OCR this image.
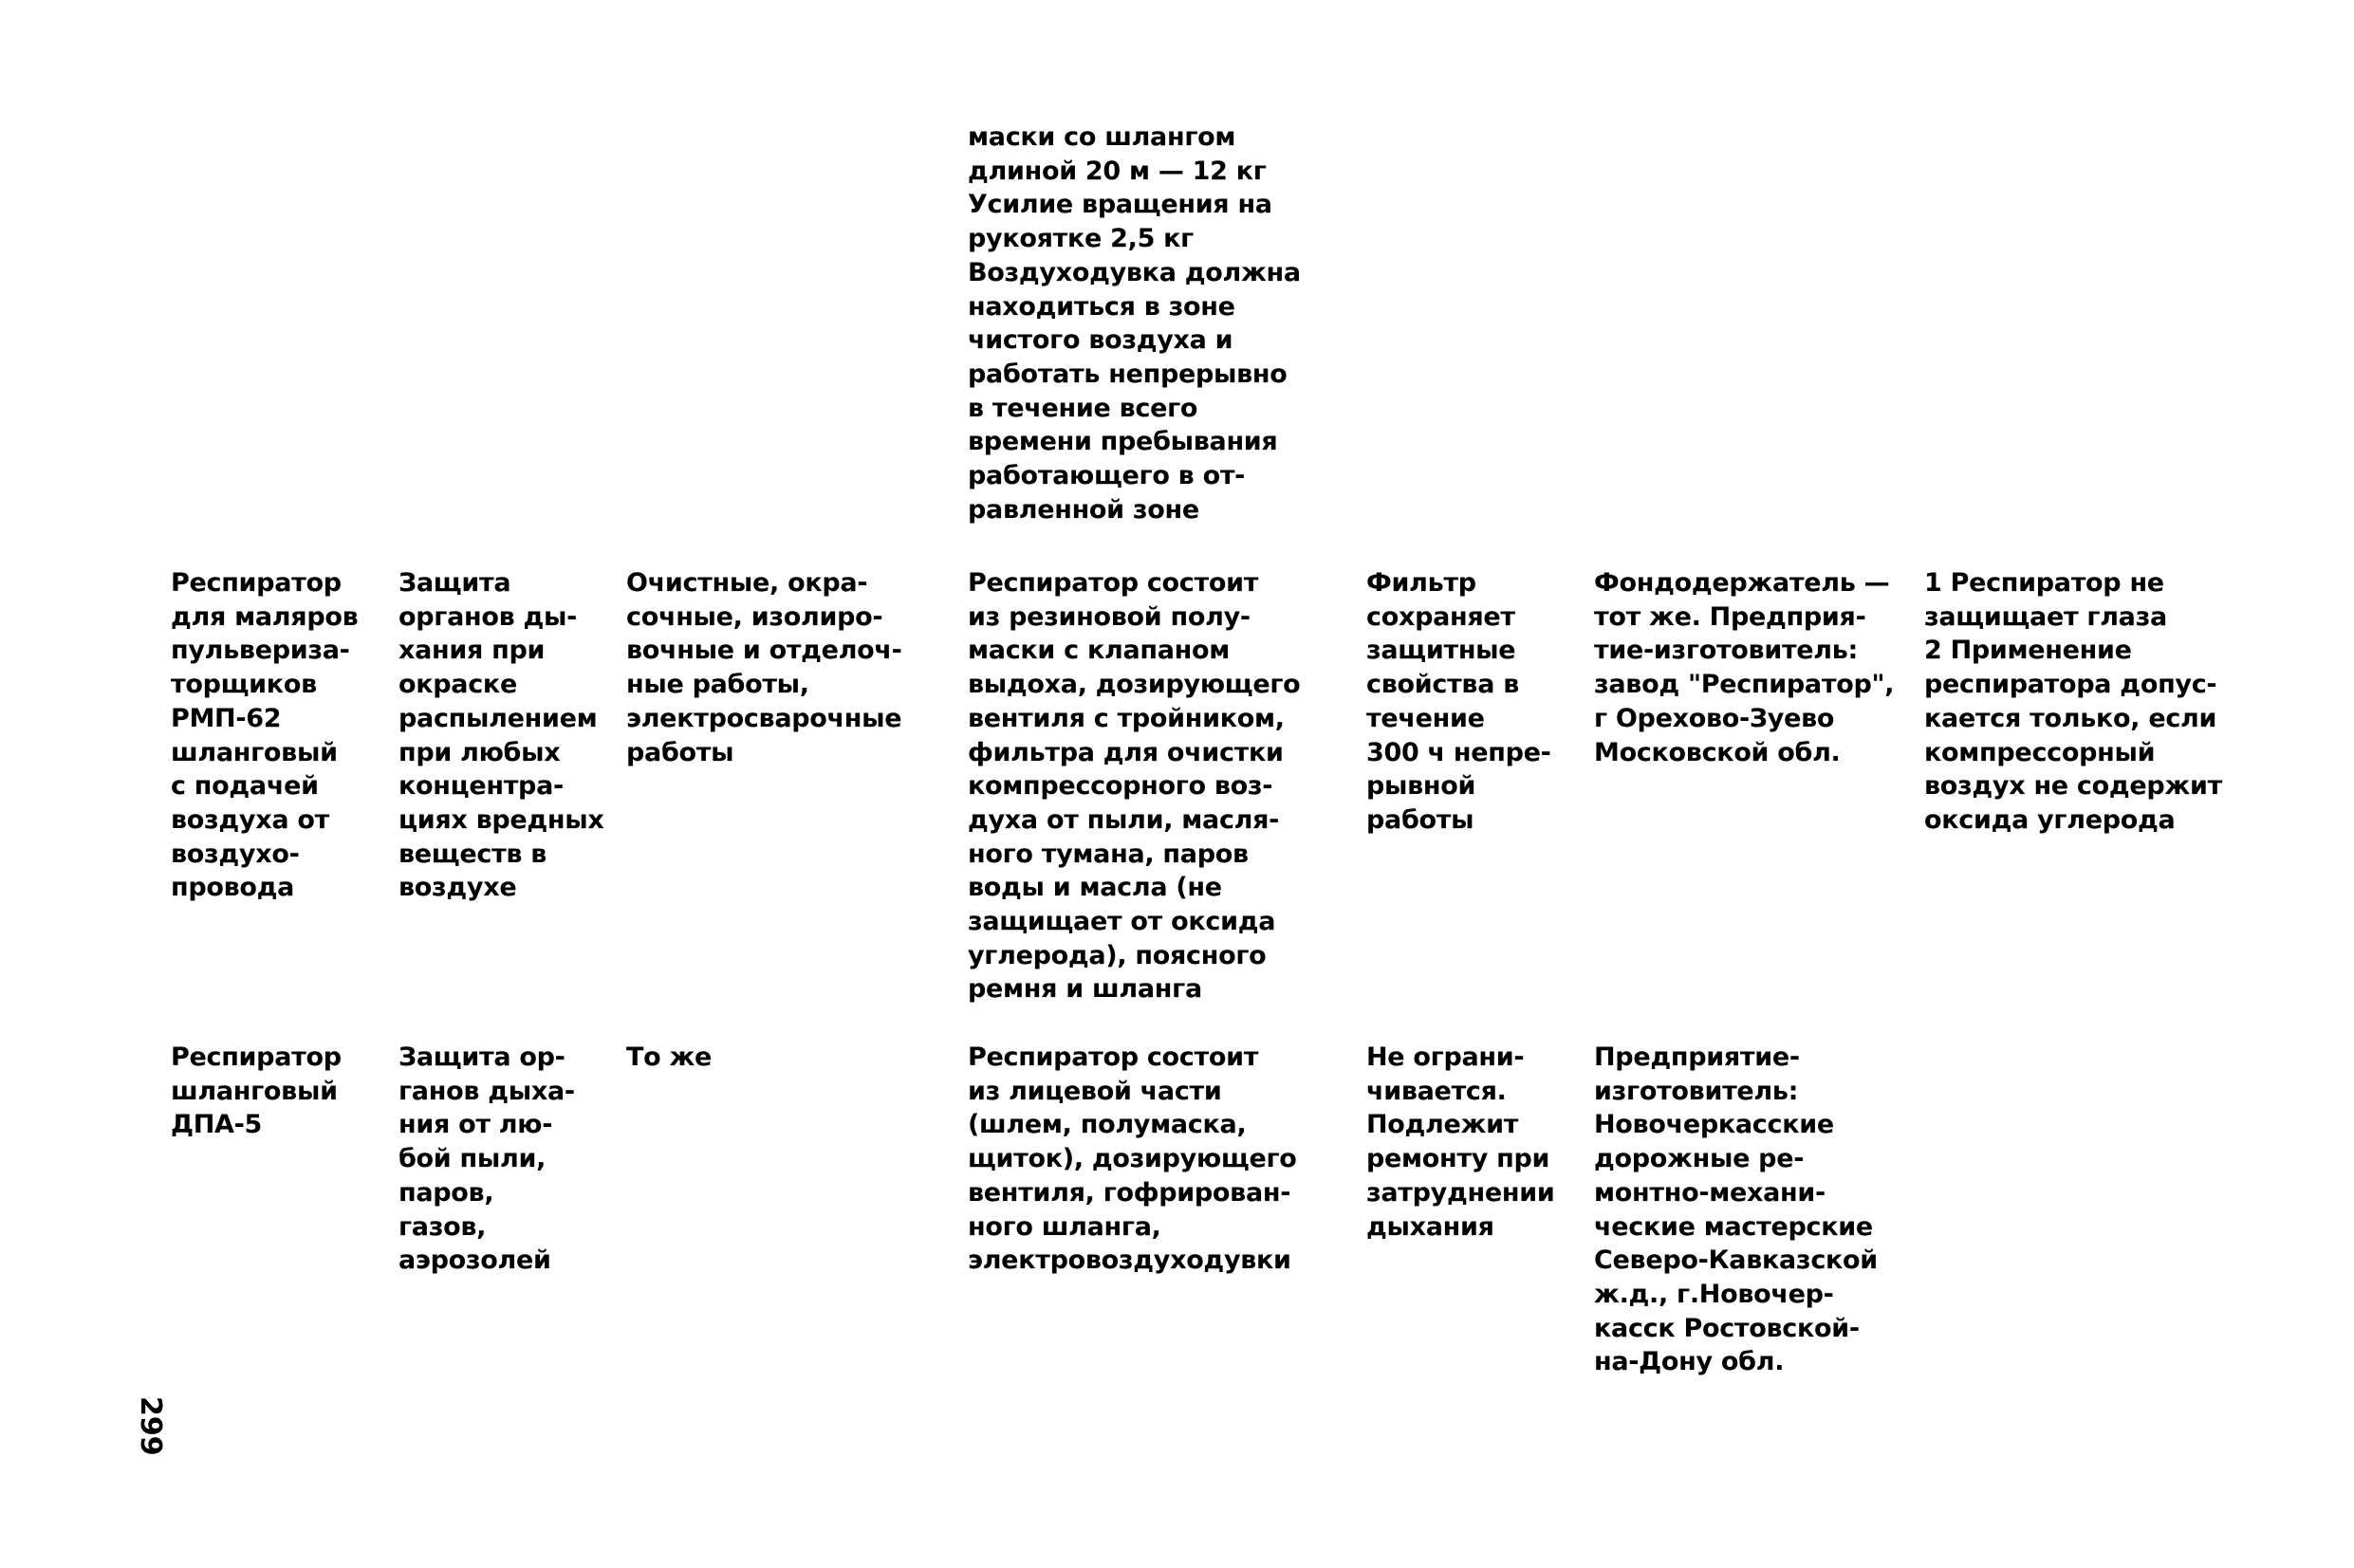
маски со шлангом
длиной 20 м — 12 кг
Усилие вращения на
рукоятке 2,5 кг
Воздуходувка должна
находиться в зоне
чистого воздуха и
работать непрерывно
в течение всего
времени пребывания
работающего в от-
равленной зоне
Респиратор
для маляров
пульвериза-
торщиков
РМП-62
шланговый
с подачей
воздуха от
воздухо-
провода
Защита
органов ды-
хания при
окраске
распылением
при любых
концентра-
циях вредных
веществ в
воздухе
Очистные, окра-
сочные, изолиро-
вочные и отделоч-
ные работы,
электросварочные
работы
Респиратор состоит
из резиновой полу-
маски с клапаном
выдоха, дозирующего
вентиля с тройником,
фильтра для очистки
компрессорного воз-
духа от пыли, масля-
ного тумана, паров
воды и масла (не
защищает от оксида
углерода), поясного
ремня и шланга
Фильтр
сохраняет
защитные
свойства в
течение
300 ч непре-
рывной
работы
Фондодержатель —
тот же. Предприя-
тие-изготовитель:
завод "Респиратор",
г Орехово-Зуево
Московской обл.
1 Респиратор не
защищает глаза
2 Применение
респиратора допус-
кается только, если
компрессорный
воздух не содержит
оксида углерода
Респиратор
шланговый
ДПА-5
Защита ор-
ганов дыха-
ния от лю-
бой пыли,
паров,
газов,
аэрозолей
То же	Респиратор состоит
из лицевой части
(шлем, полумаска,
щиток), дозирующего
вентиля, гофрирован-
ного шланга,
электровоздуходувки
Не ограни-
чивается.
Подлежит
ремонту при
затруднении
дыхания
Предприятие-
изготовитель:
Новочеркасские
дорожные ре-
монтно-механи-
ческие мастерские
Северо-Кавказской
ж.д., г.Новочер-
касск Ростовской-
на-Дону обл.
299
